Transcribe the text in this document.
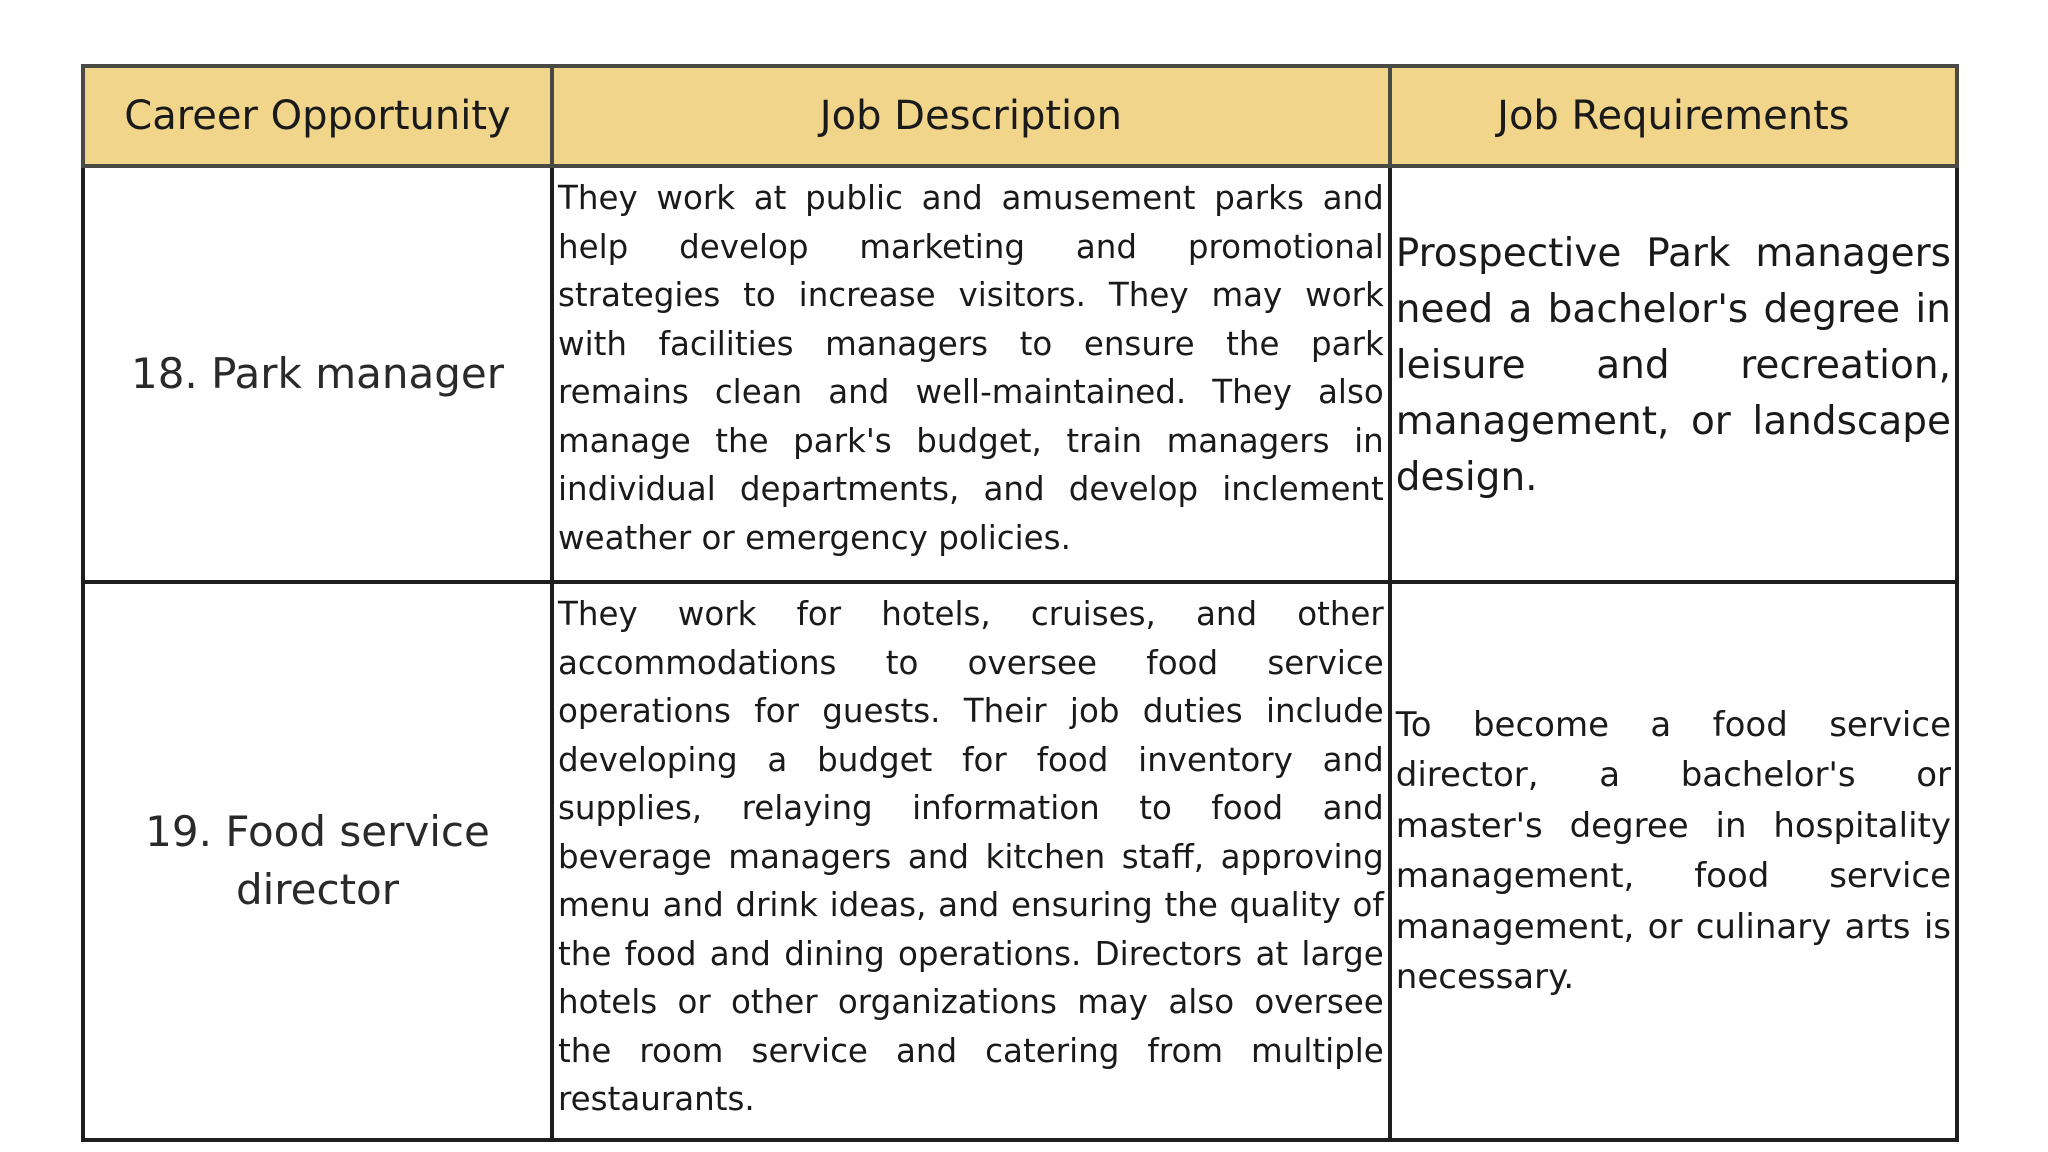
Career Opportunity	Job Description	Job Requirements

18. Park manager	They work at public and amusement parks and help develop marketing and promotional strategies to increase visitors. They may work with facilities managers to ensure the park remains clean and well-maintained. They also manage the park's budget, train managers in individual departments, and develop inclement weather or emergency policies.	Prospective Park managers need a bachelor's degree in leisure and recreation, management, or landscape design.

19. Food service director	They work for hotels, cruises, and other accommodations to oversee food service operations for guests. Their job duties include developing a budget for food inventory and supplies, relaying information to food and beverage managers and kitchen staff, approving menu and drink ideas, and ensuring the quality of the food and dining operations. Directors at large hotels or other organizations may also oversee the room service and catering from multiple restaurants.	To become a food service director, a bachelor's or master's degree in hospitality management, food service management, or culinary arts is necessary.
